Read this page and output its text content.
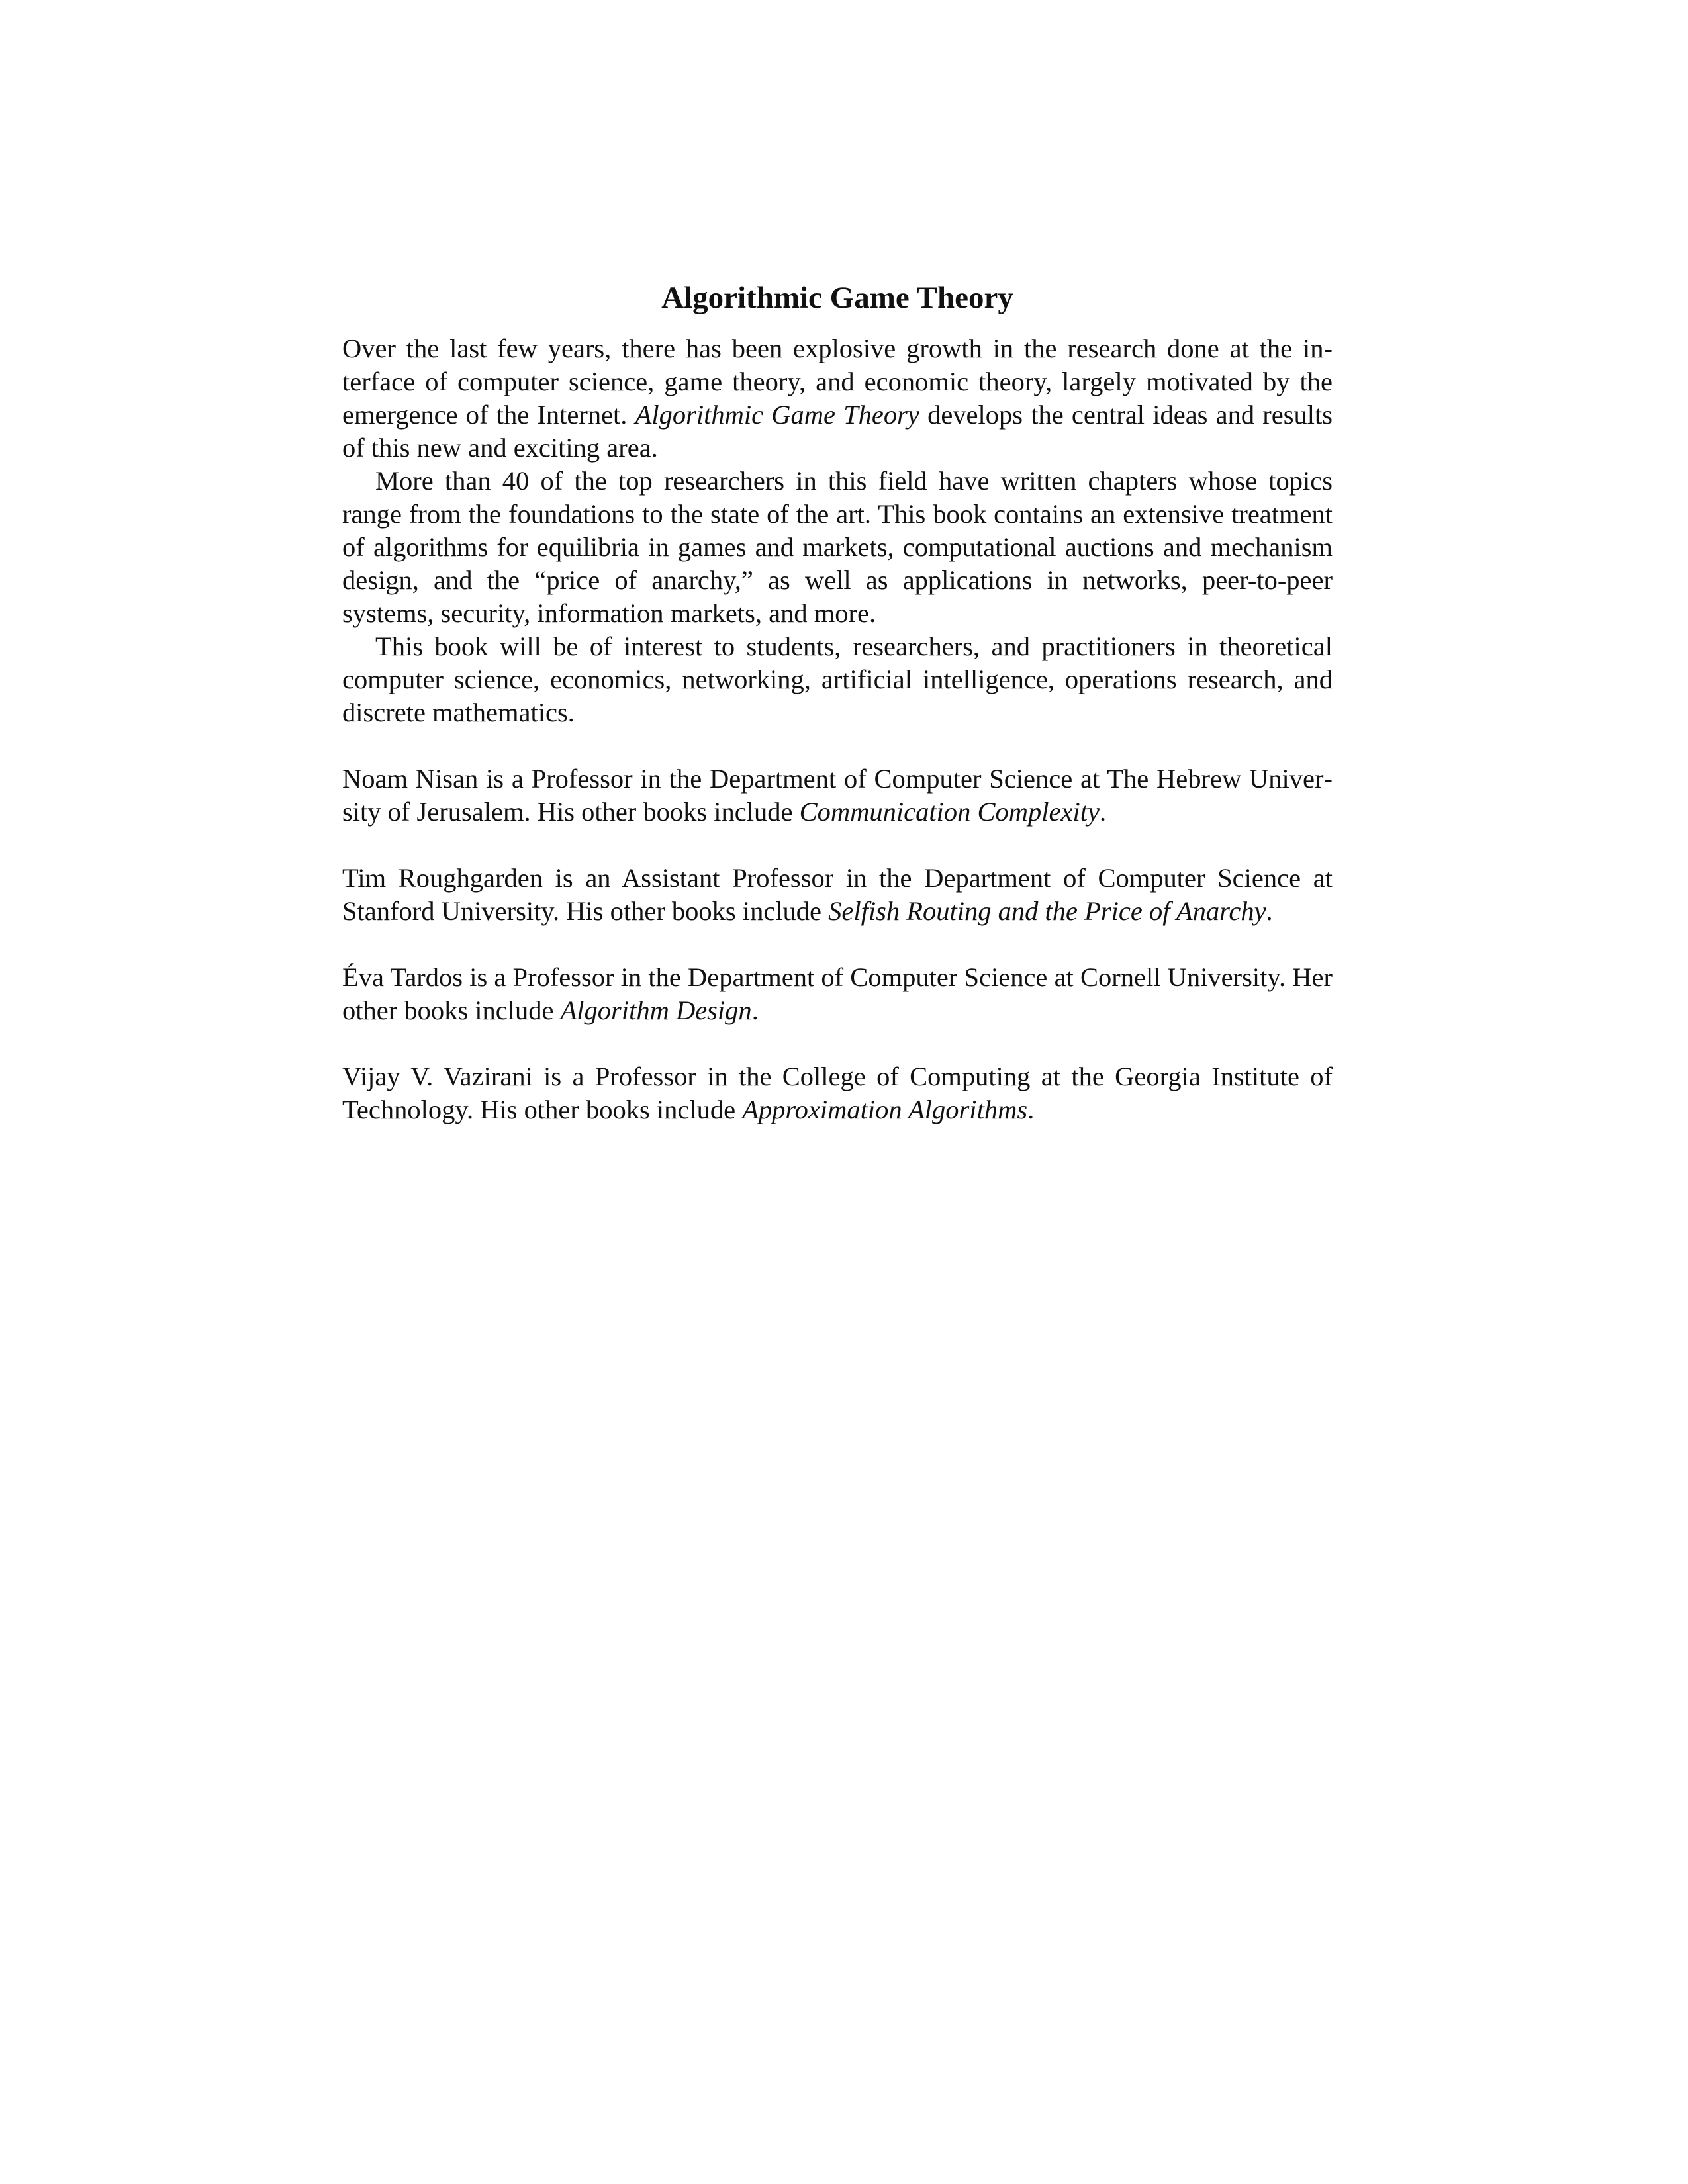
Algorithmic Game Theory

Over the last few years, there has been explosive growth in the research done at the interface of computer science, game theory, and economic theory, largely motivated by the emergence of the Internet. Algorithmic Game Theory develops the central ideas and results of this new and exciting area.

More than 40 of the top researchers in this field have written chapters whose topics range from the foundations to the state of the art. This book contains an extensive treatment of algorithms for equilibria in games and markets, computational auctions and mechanism design, and the “price of anarchy,” as well as applications in networks, peer-to-peer systems, security, information markets, and more.

This book will be of interest to students, researchers, and practitioners in theoretical computer science, economics, networking, artificial intelligence, operations research, and discrete mathematics.

Noam Nisan is a Professor in the Department of Computer Science at The Hebrew University of Jerusalem. His other books include Communication Complexity.

Tim Roughgarden is an Assistant Professor in the Department of Computer Science at Stanford University. His other books include Selfish Routing and the Price of Anarchy.

Éva Tardos is a Professor in the Department of Computer Science at Cornell University. Her other books include Algorithm Design.

Vijay V. Vazirani is a Professor in the College of Computing at the Georgia Institute of Technology. His other books include Approximation Algorithms.
